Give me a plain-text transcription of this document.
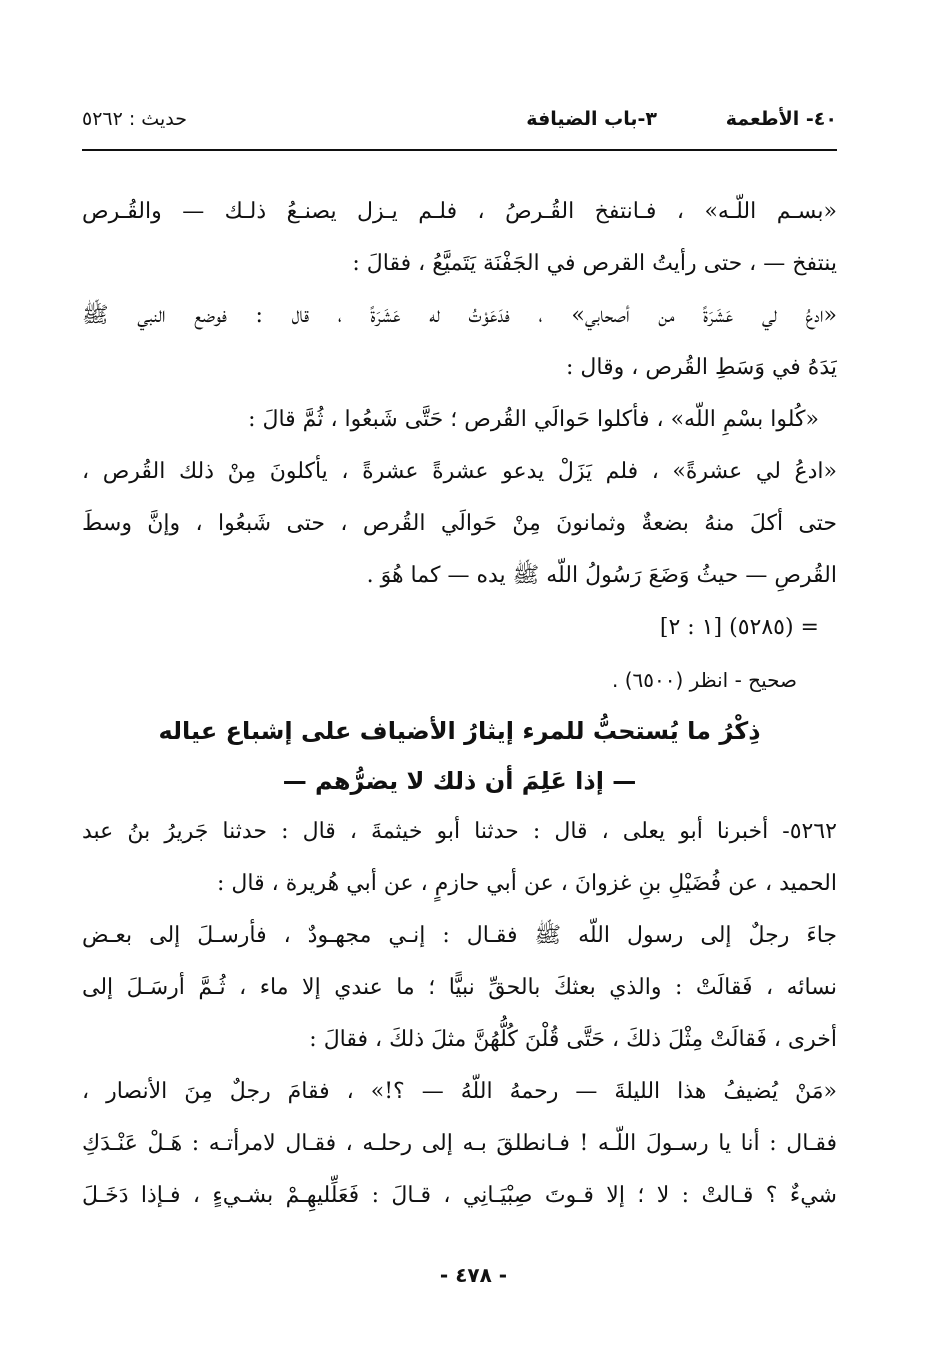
٤٠- الأطعمة
٣-باب الضيافة
حديث : ٥٢٦٢
«بسـم اللّـه» ، فـانتفخ القُـرصُ ، فلـم يـزل يصنـعُ ذلـك — والقُـرص
ينتفخ — ، حتى رأيتُ القرص في الجَفْنَة يَتَميَّعُ ، فقالَ :
«ادعُ لي عَشَرَةً من أصحابي» ، فدَعَوْتُ له عَشَرَةً ، قال : فوضع النبي ﷺ
يَدَهُ في وَسَطِ القُرص ، وقال :
«كُلوا بسْمِ اللّه» ، فأكلوا حَوالَي القُرص ؛ حَتَّى شَبعُوا ، ثُمَّ قالَ :
«ادعُ لي عشرةً» ، فلم يَزَلْ يدعو عشرةً عشرةً ، يأكلونَ مِنْ ذلك القُرص ،
حتى أكلَ منهُ بضعةٌ وثمانونَ مِنْ حَوالَي القُرص ، حتى شَبعُوا ، وإنَّ وسطَ
القُرصِ — حيثُ وَضَعَ رَسُولُ اللّه ﷺ يده — كما هُوَ .
= (٥٢٨٥) [١ : ٢]
صحيح - انظر (٦٥٠٠) .
ذِكْرُ ما يُستحبُّ للمرء إيثارُ الأضياف على إشباع عياله
— إذا عَلِمَ أن ذلك لا يضرُّهم —
٥٢٦٢- أخبرنا أبو يعلى ، قال : حدثنا أبو خيثمةَ ، قال : حدثنا جَريرُ بنُ عبد
الحميد ، عن فُضَيْلِ بنِ غزوانَ ، عن أبي حازمٍ ، عن أبي هُريرة ، قال :
جاءَ رجلٌ إلى رسول اللّه ﷺ فقـال : إنـي مجهـودٌ ، فأرسـلَ إلى بعـض
نسائه ، فَقالَتْ : والذي بعثكَ بالحقِّ نبيًّا ؛ ما عندي إلا ماء ، ثُـمَّ أرسَـلَ إلى
أخرى ، فَقالَتْ مِثْلَ ذلكَ ، حَتَّى قُلْنَ كُلُّهُنَّ مثلَ ذلكَ ، فقالَ :
«مَنْ يُضيفُ هذا الليلةَ — رحمهُ اللّهُ — ؟!» ، فقامَ رجلٌ مِنَ الأنصار ،
فقـال : أنا يا رسـولَ اللّـه ! فـانطلقَ بـه إلى رحلـه ، فقـال لامرأتـه : هَـلْ عَنْـدَكِ
شيءٌ ؟ قـالتْ : لا ؛ إلا قـوتَ صِبْيَـانِي ، قـالَ : فَعَلِّليهِـمْ بشـيءٍ ، فـإذا دَخَـلَ
- ٤٧٨ -
